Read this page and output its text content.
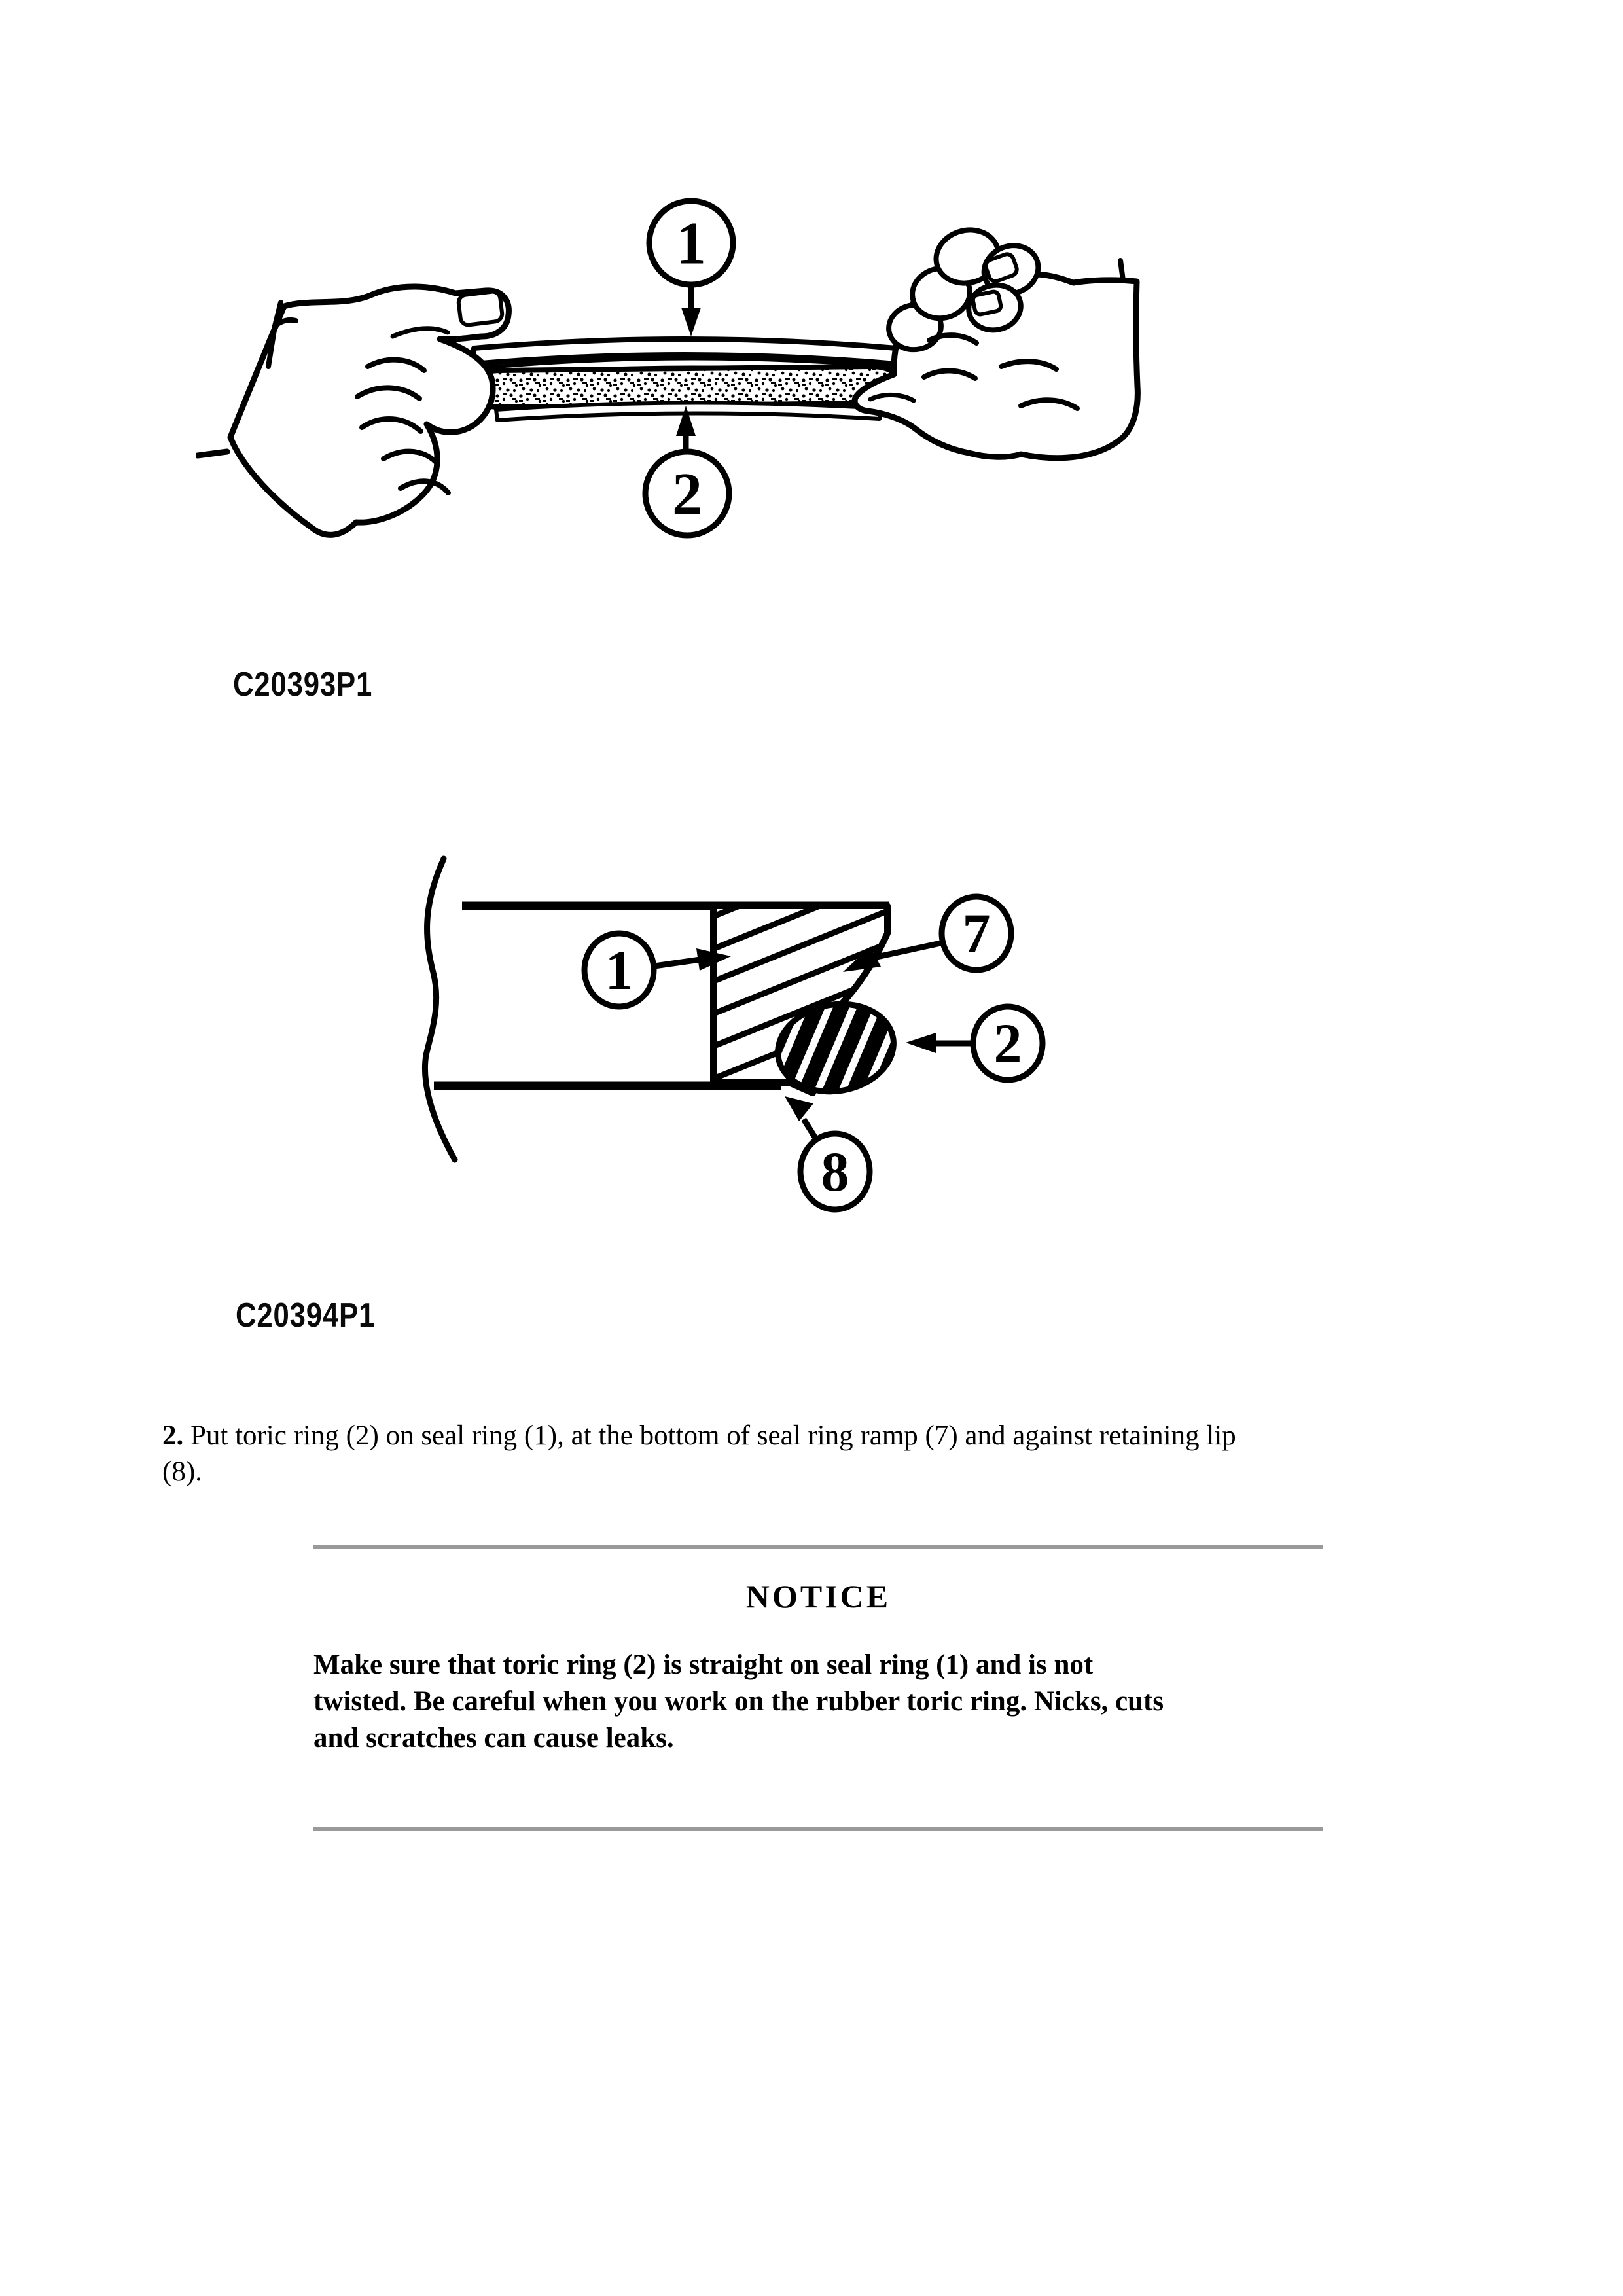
1
2
C20393P1
1
7
2
8
C20394P1
2. Put toric ring (2) on seal ring (1), at the bottom of seal ring ramp (7) and against retaining lip
(8).
NOTICE
Make sure that toric ring (2) is straight on seal ring (1) and is not
twisted. Be careful when you work on the rubber toric ring. Nicks, cuts
and scratches can cause leaks.
